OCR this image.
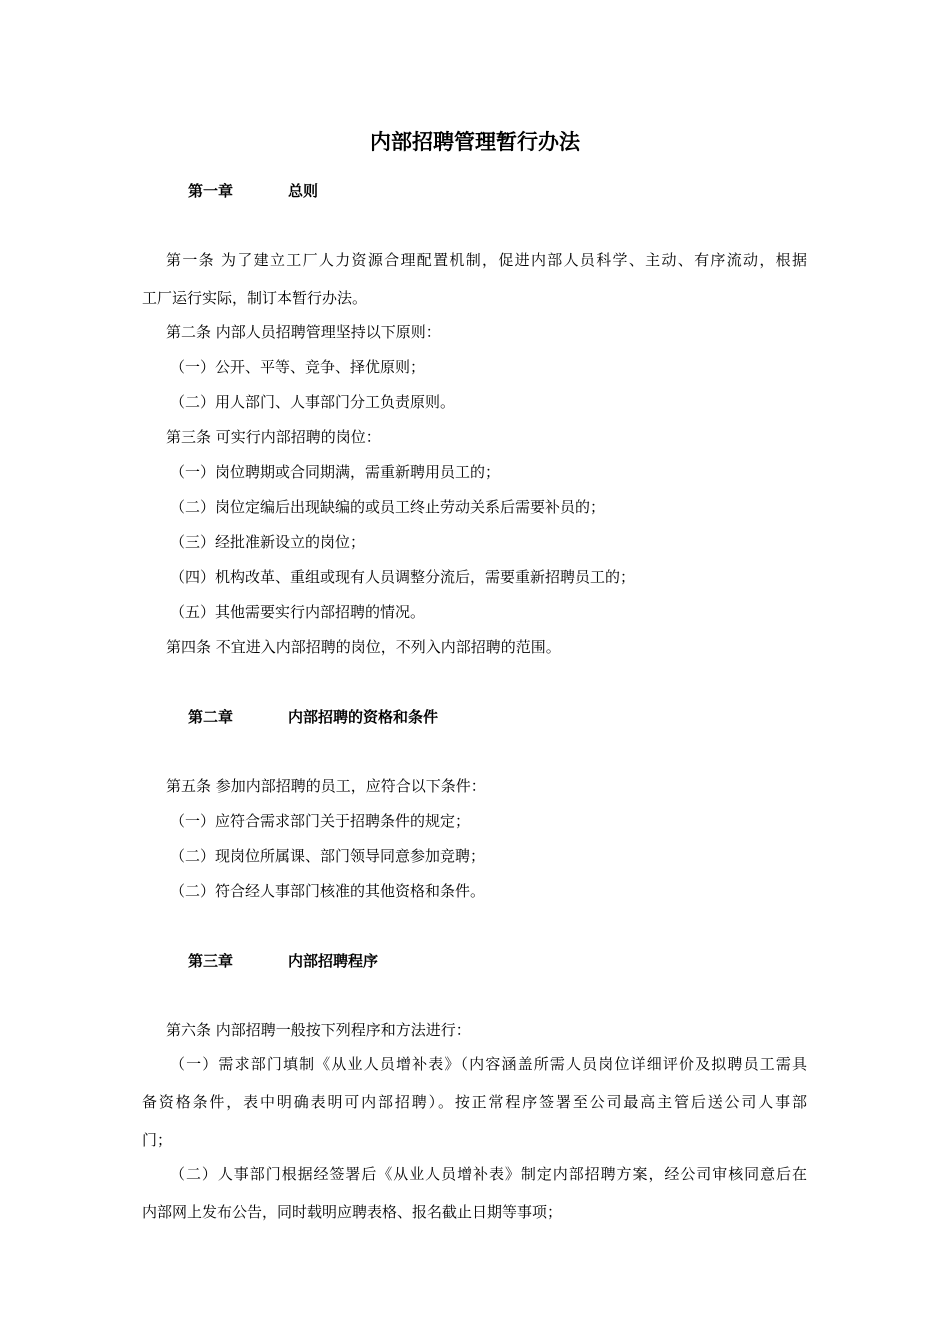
内部招聘管理暂行办法
第一章	总则
第一条 为了建立工厂人力资源合理配置机制，促进内部人员科学、主动、有序流动，根据
工厂运行实际，制订本暂行办法。
第二条 内部人员招聘管理坚持以下原则：
（一）公开、平等、竞争、择优原则；
（二）用人部门、人事部门分工负责原则。
第三条 可实行内部招聘的岗位：
（一）岗位聘期或合同期满，需重新聘用员工的；
（二）岗位定编后出现缺编的或员工终止劳动关系后需要补员的；
（三）经批准新设立的岗位；
（四）机构改革、重组或现有人员调整分流后，需要重新招聘员工的；
（五）其他需要实行内部招聘的情况。
第四条 不宜进入内部招聘的岗位，不列入内部招聘的范围。
第二章	内部招聘的资格和条件
第五条 参加内部招聘的员工，应符合以下条件：
（一）应符合需求部门关于招聘条件的规定；
（二）现岗位所属课、部门领导同意参加竞聘；
（二）符合经人事部门核准的其他资格和条件。
第三章	内部招聘程序
第六条 内部招聘一般按下列程序和方法进行：
（一）需求部门填制《从业人员增补表》（内容涵盖所需人员岗位详细评价及拟聘员工需具
备资格条件，表中明确表明可内部招聘）。按正常程序签署至公司最高主管后送公司人事部
门；
（二）人事部门根据经签署后《从业人员增补表》制定内部招聘方案，经公司审核同意后在
内部网上发布公告，同时载明应聘表格、报名截止日期等事项；
